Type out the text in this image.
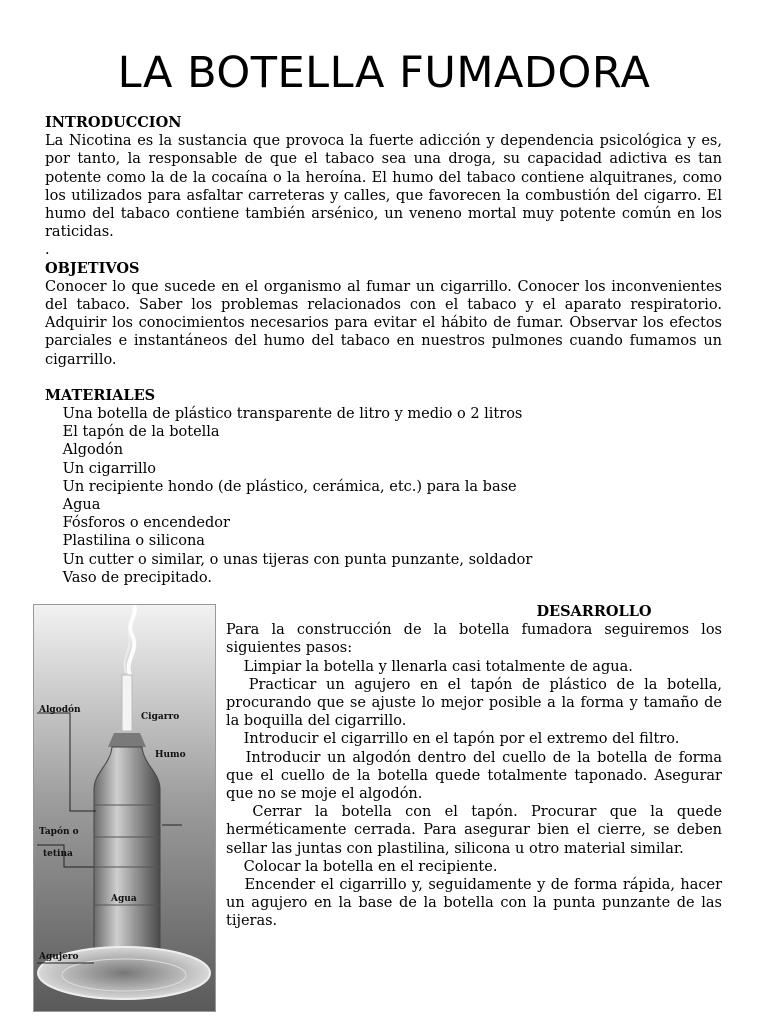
LA BOTELLA FUMADORA
INTRODUCCION
La Nicotina es la sustancia que provoca la fuerte adicción y dependencia psicológica y es, por tanto, la responsable de que el tabaco sea una droga, su capacidad adictiva es tan potente como la de la cocaína o la heroína. El humo del tabaco contiene alquitranes, como los utilizados para asfaltar carreteras y calles, que favorecen la combustión del cigarro. El humo del tabaco contiene también arsénico, un veneno mortal muy potente común en los raticidas.
.
OBJETIVOS
Conocer lo que sucede en el organismo al fumar un cigarrillo. Conocer los inconvenientes del tabaco. Saber los problemas relacionados con el tabaco y el aparato respiratorio. Adquirir los conocimientos necesarios para evitar el hábito de fumar. Observar los efectos parciales e instantáneos del humo del tabaco en nuestros pulmones cuando fumamos un cigarrillo.
MATERIALES
Una botella de plástico transparente de litro y medio o 2 litros
El tapón de la botella
Algodón
Un cigarrillo
Un recipiente hondo (de plástico, cerámica, etc.) para la base
Agua
Fósforos o encendedor
Plastilina o silicona
Un cutter o similar, o unas tijeras con punta punzante, soldador
Vaso de precipitado.
Algodón
Cigarro
Humo
Tapón o
tetina
Agua
Agujero
DESARROLLO
Para la construcción de la botella fumadora seguiremos los siguientes pasos:
Limpiar la botella y llenarla casi totalmente de agua.
Practicar un agujero en el tapón de plástico de la botella, procurando que se ajuste lo mejor posible a la forma y tamaño de la boquilla del cigarrillo.
Introducir el cigarrillo en el tapón por el extremo del filtro.
Introducir un algodón dentro del cuello de la botella de forma que el cuello de la botella quede totalmente taponado. Asegurar que no se moje el algodón.
Cerrar la botella con el tapón. Procurar que la quede herméticamente cerrada. Para asegurar bien el cierre, se deben sellar las juntas con plastilina, silicona u otro material similar.
Colocar la botella en el recipiente.
Encender el cigarrillo y, seguidamente y de forma rápida, hacer un agujero en la base de la botella con la punta punzante de las tijeras.
